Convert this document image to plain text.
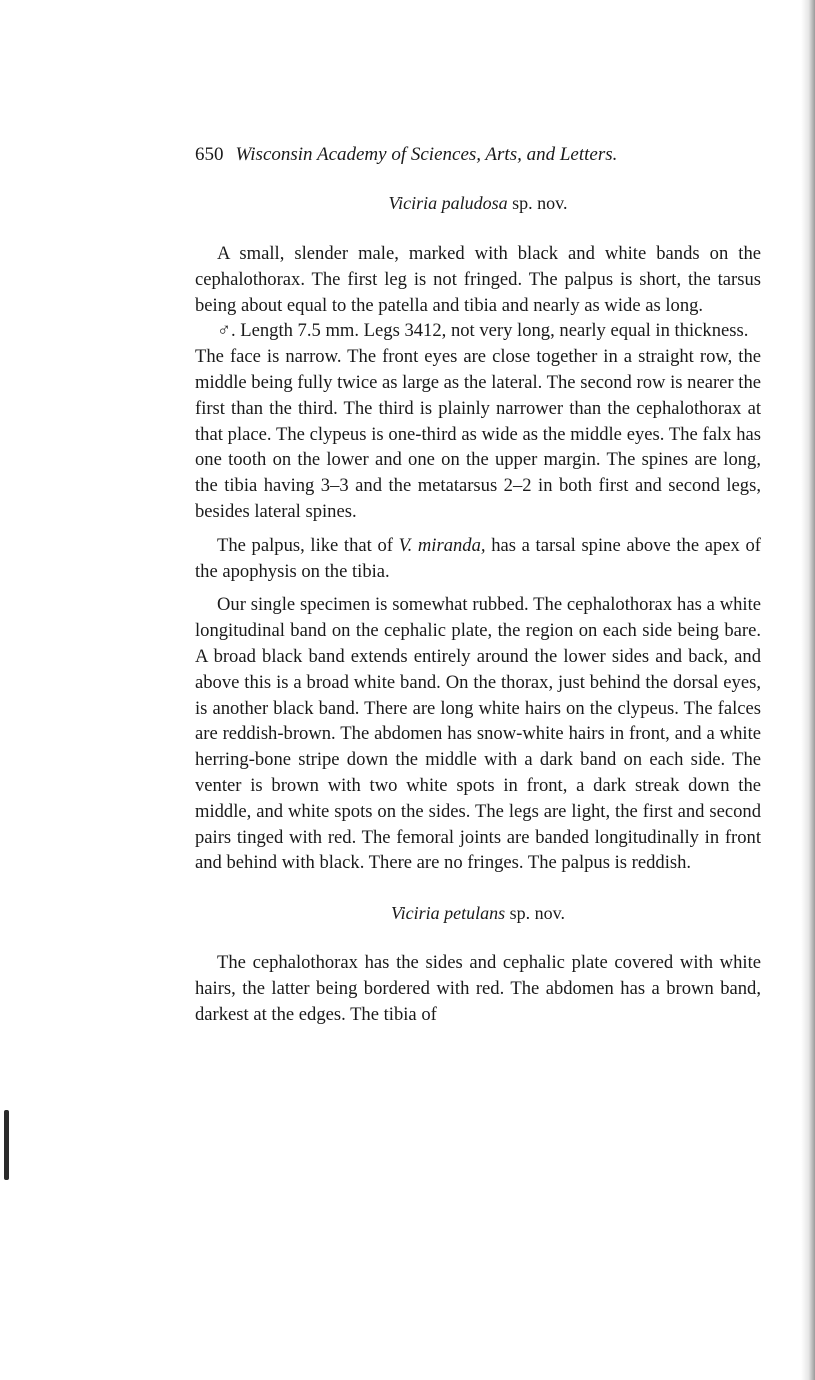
650 Wisconsin Academy of Sciences, Arts, and Letters.
Viciria paludosa sp. nov.

A small, slender male, marked with black and white bands on the cephalothorax. The first leg is not fringed. The palpus is short, the tarsus being about equal to the patella and tibia and nearly as wide as long.

♂. Length 7.5 mm. Legs 3412, not very long, nearly equal in thickness.

The face is narrow. The front eyes are close together in a straight row, the middle being fully twice as large as the lateral. The second row is nearer the first than the third. The third is plainly narrower than the cephalothorax at that place. The clypeus is one-third as wide as the middle eyes. The falx has one tooth on the lower and one on the upper margin. The spines are long, the tibia having 3–3 and the metatarsus 2–2 in both first and second legs, besides lateral spines.

The palpus, like that of V. miranda, has a tarsal spine above the apex of the apophysis on the tibia.

Our single specimen is somewhat rubbed. The cephalothorax has a white longitudinal band on the cephalic plate, the region on each side being bare. A broad black band extends entirely around the lower sides and back, and above this is a broad white band. On the thorax, just behind the dorsal eyes, is another black band. There are long white hairs on the clypeus. The falces are reddish-brown. The abdomen has snow-white hairs in front, and a white herring-bone stripe down the middle with a dark band on each side. The venter is brown with two white spots in front, a dark streak down the middle, and white spots on the sides. The legs are light, the first and second pairs tinged with red. The femoral joints are banded longitudinally in front and behind with black. There are no fringes. The palpus is reddish.

Viciria petulans sp. nov.

The cephalothorax has the sides and cephalic plate covered with white hairs, the latter being bordered with red. The abdomen has a brown band, darkest at the edges. The tibia of
